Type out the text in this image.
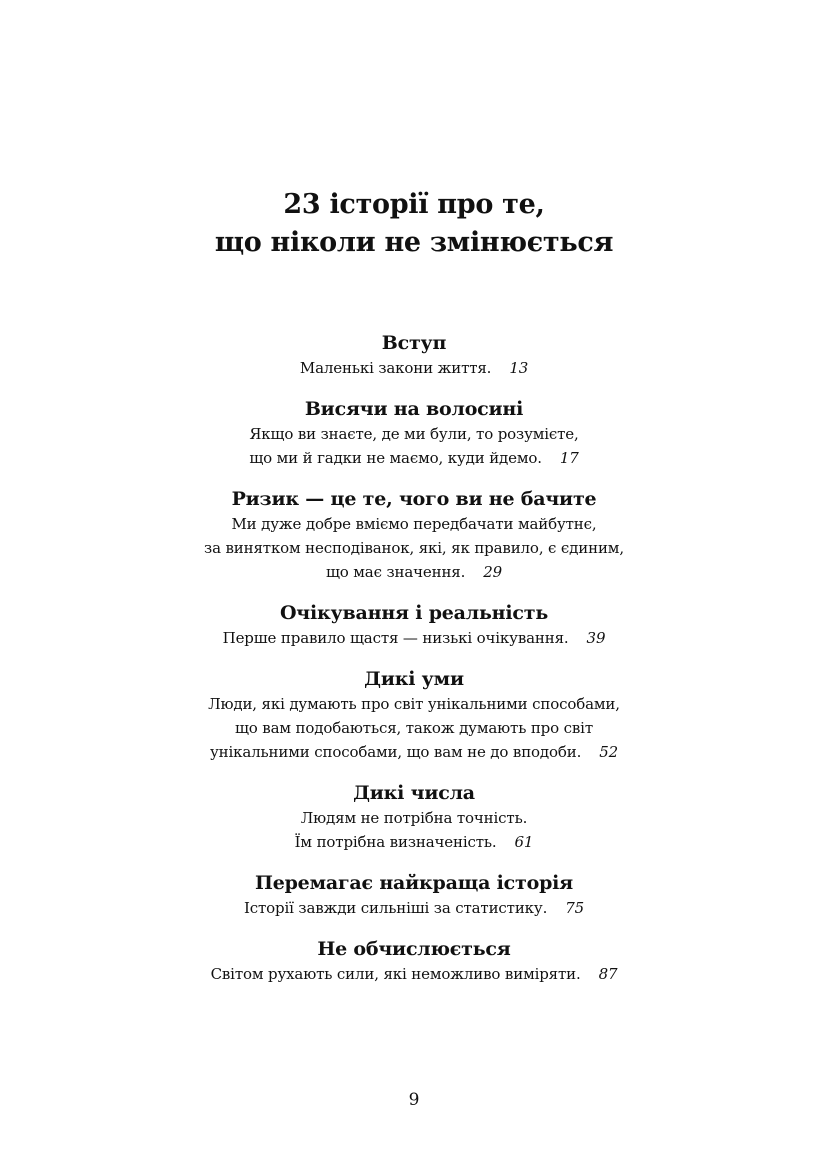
23 історії про те,
що ніколи не змінюється
Вступ
Маленькі закони життя. 13
Висячи на волосині
Якщо ви знаєте, де ми були, то розумієте,
що ми й гадки не маємо, куди йдемо. 17
Ризик — це те, чого ви не бачите
Ми дуже добре вміємо передбачати майбутнє,
за винятком несподіванок, які, як правило, є єдиним,
що має значення. 29
Очікування і реальність
Перше правило щастя — низькі очікування. 39
Дикі уми
Люди, які думають про світ унікальними способами,
що вам подобаються, також думають про світ
унікальними способами, що вам не до вподоби. 52
Дикі числа
Людям не потрібна точність.
Їм потрібна визначеність. 61
Перемагає найкраща історія
Історії завжди сильніші за статистику. 75
Не обчислюється
Світом рухають сили, які неможливо виміряти. 87
9
